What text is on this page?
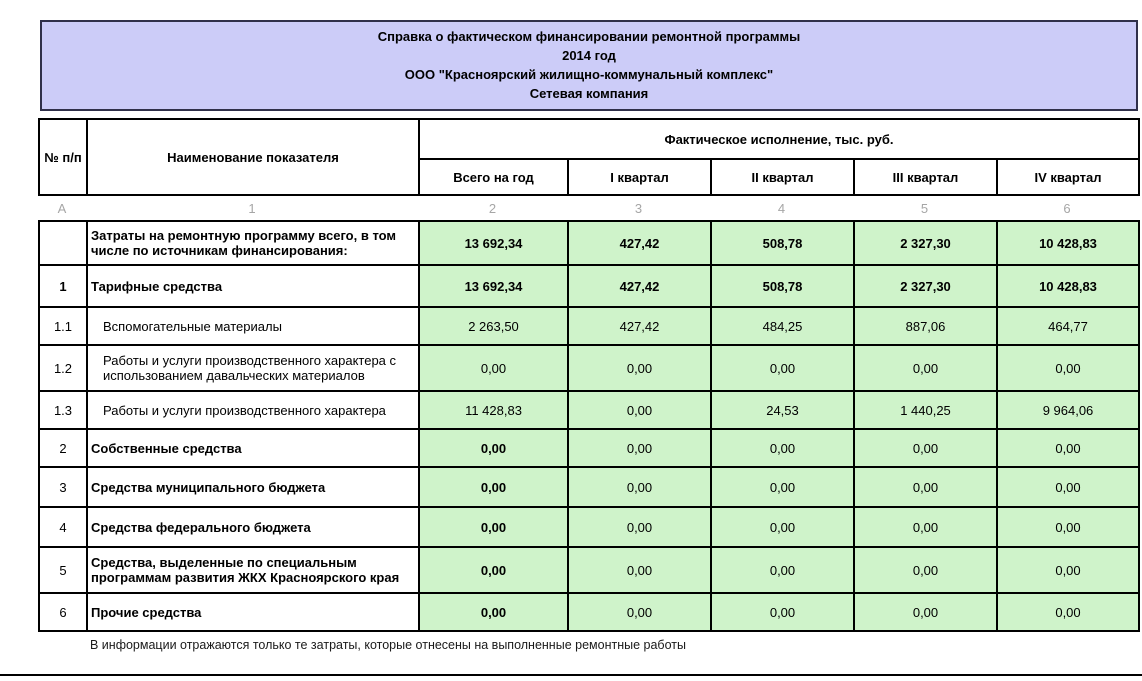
Справка о фактическом финансировании ремонтной программы
2014 год
ООО "Красноярский жилищно-коммунальный комплекс"
Сетевая компания
№ п/п	Наименование показателя	Фактическое исполнение, тыс. руб.				
		Всего на год	I квартал	II квартал	III квартал	IV квартал
А	1	2	3	4	5	6
	Затраты на ремонтную программу всего, в том числе по источникам финансирования:	13 692,34	427,42	508,78	2 327,30	10 428,83
1	Тарифные средства	13 692,34	427,42	508,78	2 327,30	10 428,83
1.1	Вспомогательные материалы	2 263,50	427,42	484,25	887,06	464,77
1.2	Работы и услуги производственного характера с использованием давальческих материалов	0,00	0,00	0,00	0,00	0,00
1.3	Работы и услуги производственного характера	11 428,83	0,00	24,53	1 440,25	9 964,06
2	Собственные средства	0,00	0,00	0,00	0,00	0,00
3	Средства муниципального бюджета	0,00	0,00	0,00	0,00	0,00
4	Средства федерального бюджета	0,00	0,00	0,00	0,00	0,00
5	Средства, выделенные по специальным программам развития ЖКХ Красноярского края	0,00	0,00	0,00	0,00	0,00
6	Прочие средства	0,00	0,00	0,00	0,00	0,00
В информации отражаются только те затраты, которые отнесены на выполненные ремонтные работы
